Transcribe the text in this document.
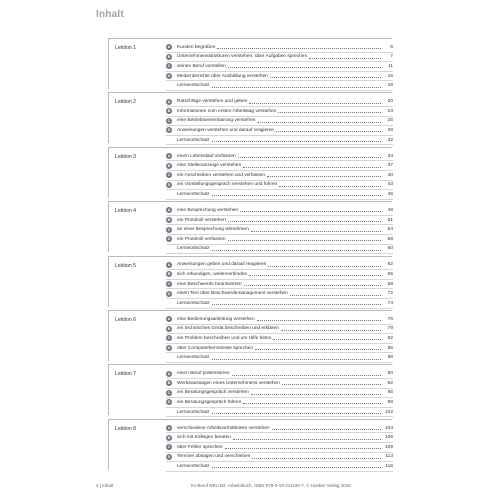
Inhalt
Lektion 1	A	Kunden begrüßen	6
B	Unternehmensstrukturen verstehen, über Aufgaben sprechen	7
C	seinen Beruf vorstellen	11
D	Medienberichte über Ausbildung verstehen	16
Lernwortschatz	18
Lektion 2	A	Ratschläge verstehen und geben	20
B	Informationen zum ersten Arbeitstag verstehen	23
C	eine Betriebsvereinbarung verstehen	25
D	Anweisungen verstehen und darauf reagieren	28
Lernwortschatz	32
Lektion 3	A	einen Lebenslauf verfassen	34
B	eine Stellenanzeige verstehen	37
C	ein Anschreiben verstehen und verfassen	40
D	ein Vorstellungsgespräch verstehen und führen	43
Lernwortschatz	46
Lektion 4	A	eine Besprechung verstehen	48
B	ein Protokoll verstehen	51
C	an einer Besprechung teilnehmen	54
D	ein Protokoll verfassen	58
Lernwortschatz	60
Lektion 5	A	Anweisungen geben und darauf reagieren	62
B	sich erkundigen, weiterverbinden	65
C	eine Beschwerde beantworten	68
D	einen Text über Beschwerdemanagement verstehen	72
Lernwortschatz	74
Lektion 6	A	eine Bedienungsanleitung verstehen	76
B	ein technisches Gerät beschreiben und erklären	79
C	ein Problem beschreiben und um Hilfe bitten	82
D	über Computerkenntnisse sprechen	86
Lernwortschatz	88
Lektion 7	A	einen Beruf präsentieren	90
B	Werbeaussagen eines Unternehmens verstehen	92
C	ein Beratungsgespräch verstehen	95
D	ein Beratungsgespräch führen	98
Lernwortschatz	102
Lektion 8	A	verschiedene Arbeitsverhältnisse verstehen	104
B	sich mit Kollegen beraten	106
C	über Fehler sprechen	109
D	Termine absagen und verschieben	113
Lernwortschatz	116
4 | Inhalt	Im Beruf NEU B2, Arbeitsbuch, ISBN 978-3-19-211190-7, © Hueber Verlag 2018
